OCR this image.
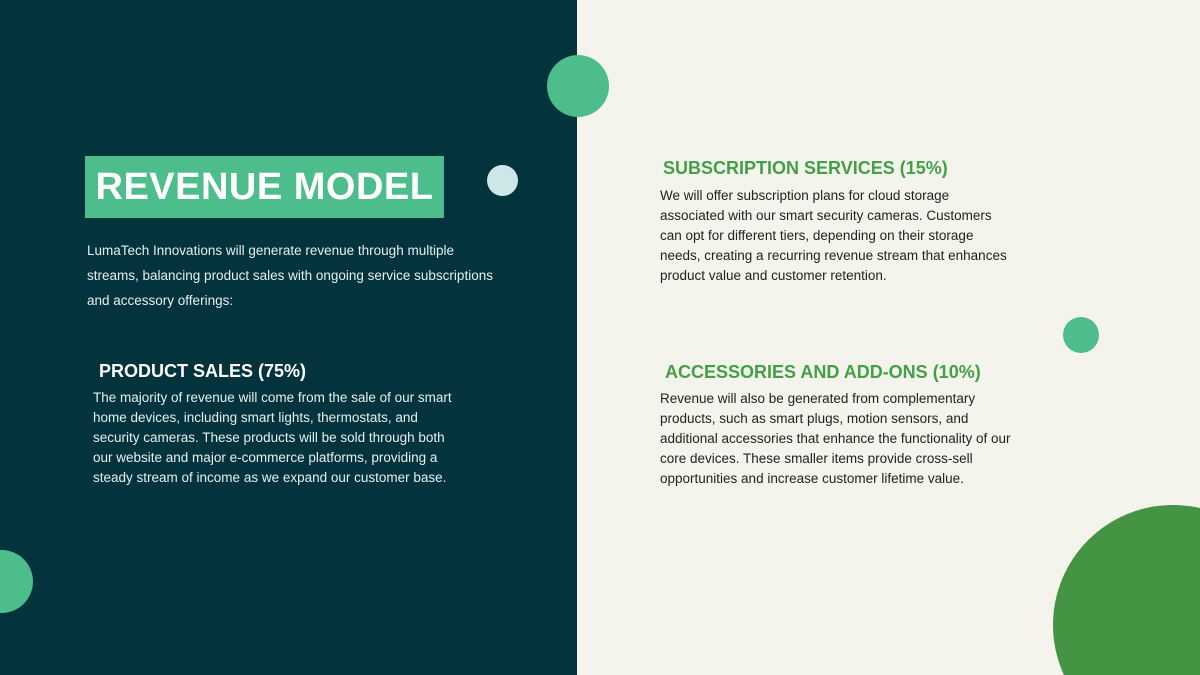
REVENUE MODEL
LumaTech Innovations will generate revenue through multiple streams, balancing product sales with ongoing service subscriptions and accessory offerings:
PRODUCT SALES (75%)
The majority of revenue will come from the sale of our smart home devices, including smart lights, thermostats, and security cameras. These products will be sold through both our website and major e-commerce platforms, providing a steady stream of income as we expand our customer base.
SUBSCRIPTION SERVICES (15%)
We will offer subscription plans for cloud storage associated with our smart security cameras. Customers can opt for different tiers, depending on their storage needs, creating a recurring revenue stream that enhances product value and customer retention.
ACCESSORIES AND ADD-ONS (10%)
Revenue will also be generated from complementary products, such as smart plugs, motion sensors, and additional accessories that enhance the functionality of our core devices. These smaller items provide cross-sell opportunities and increase customer lifetime value.
